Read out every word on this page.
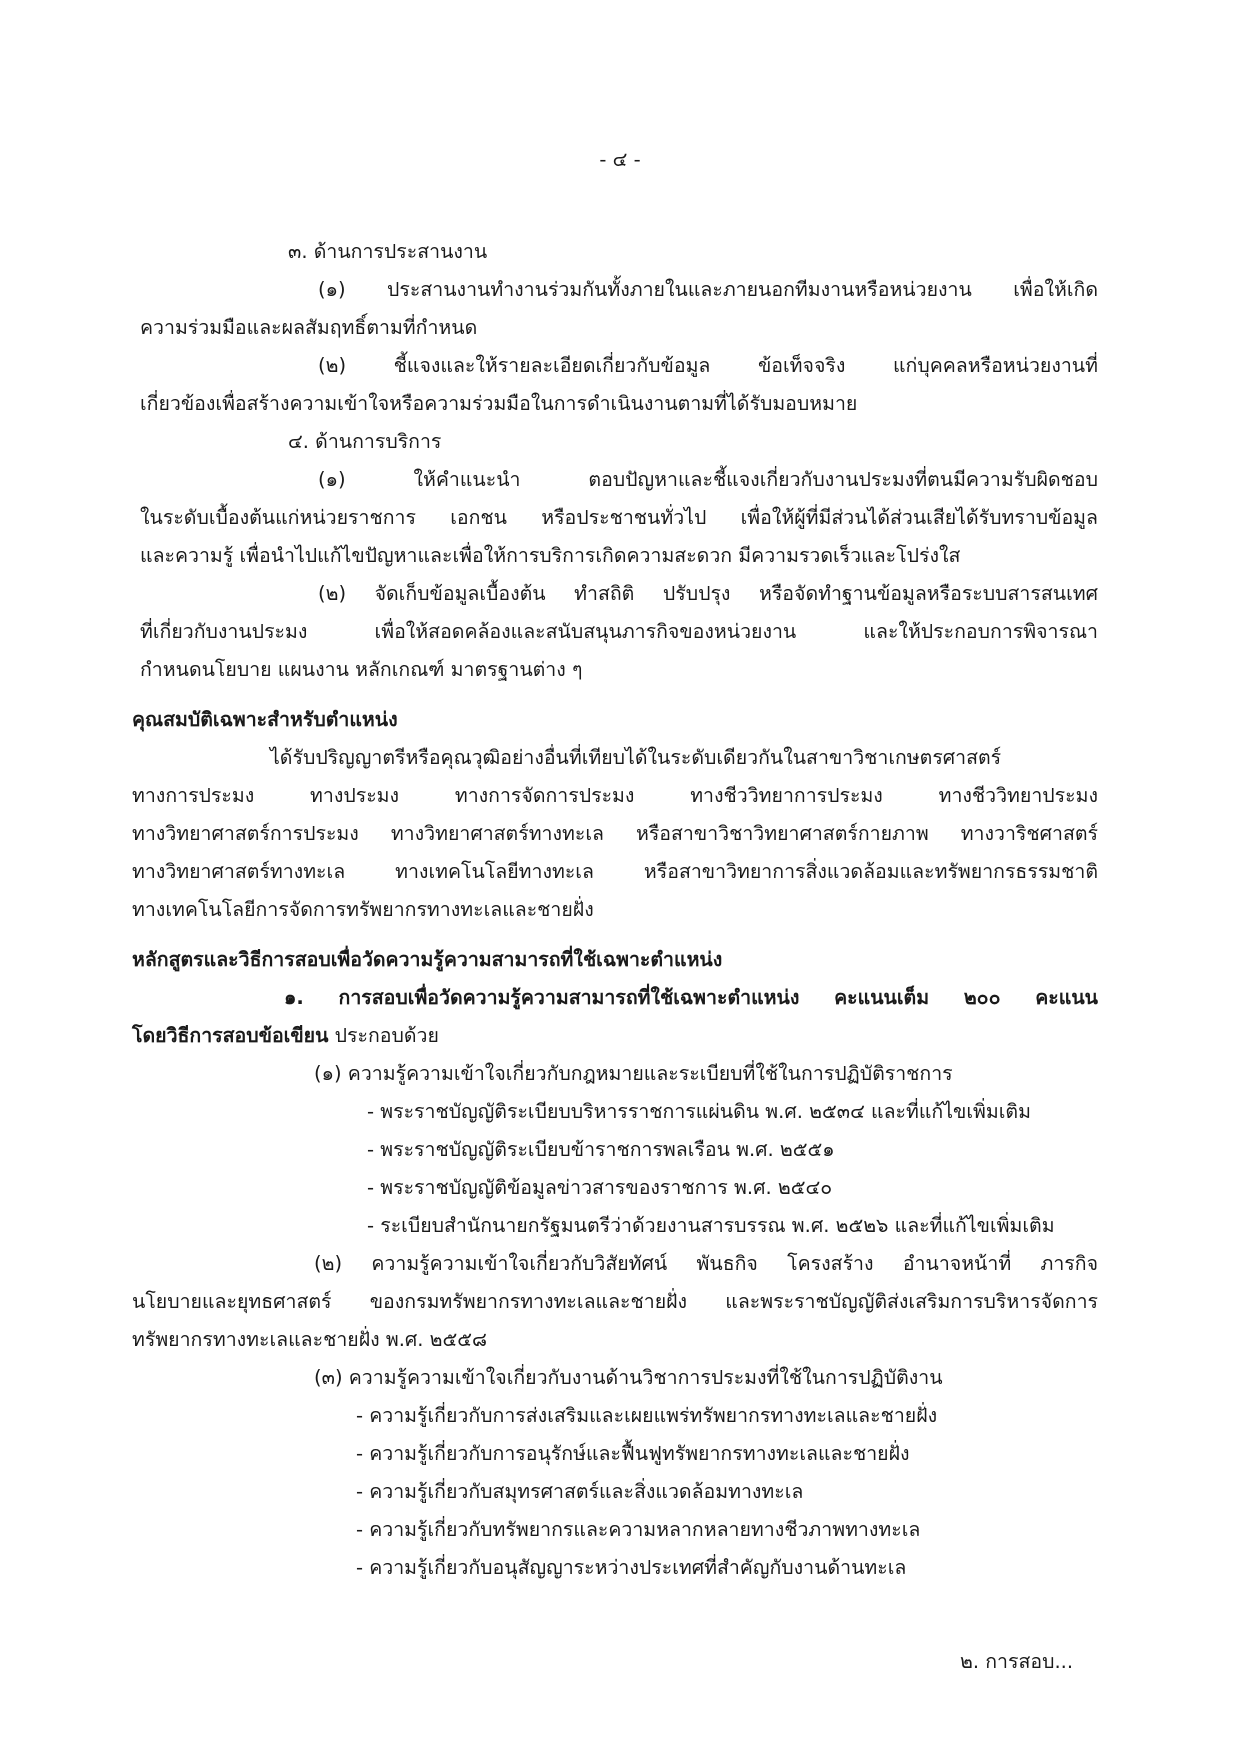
- ๔ -
๓. ด้านการประสานงาน
(๑) ประสานงานทำงานร่วมกันทั้งภายในและภายนอกทีมงานหรือหน่วยงาน เพื่อให้เกิด
ความร่วมมือและผลสัมฤทธิ์ตามที่กำหนด
(๒) ชี้แจงและให้รายละเอียดเกี่ยวกับข้อมูล ข้อเท็จจริง แก่บุคคลหรือหน่วยงานที่
เกี่ยวข้องเพื่อสร้างความเข้าใจหรือความร่วมมือในการดำเนินงานตามที่ได้รับมอบหมาย
๔. ด้านการบริการ
(๑) ให้คำแนะนำ ตอบปัญหาและชี้แจงเกี่ยวกับงานประมงที่ตนมีความรับผิดชอบ
ในระดับเบื้องต้นแก่หน่วยราชการ เอกชน หรือประชาชนทั่วไป เพื่อให้ผู้ที่มีส่วนได้ส่วนเสียได้รับทราบข้อมูล
และความรู้ เพื่อนำไปแก้ไขปัญหาและเพื่อให้การบริการเกิดความสะดวก มีความรวดเร็วและโปร่งใส
(๒) จัดเก็บข้อมูลเบื้องต้น ทำสถิติ ปรับปรุง หรือจัดทำฐานข้อมูลหรือระบบสารสนเทศ
ที่เกี่ยวกับงานประมง เพื่อให้สอดคล้องและสนับสนุนภารกิจของหน่วยงาน และให้ประกอบการพิจารณา
กำหนดนโยบาย แผนงาน หลักเกณฑ์ มาตรฐานต่าง ๆ
คุณสมบัติเฉพาะสำหรับตำแหน่ง
ได้รับปริญญาตรีหรือคุณวุฒิอย่างอื่นที่เทียบได้ในระดับเดียวกันในสาขาวิชาเกษตรศาสตร์
ทางการประมง ทางประมง ทางการจัดการประมง ทางชีววิทยาการประมง ทางชีววิทยาประมง
ทางวิทยาศาสตร์การประมง ทางวิทยาศาสตร์ทางทะเล หรือสาขาวิชาวิทยาศาสตร์กายภาพ ทางวาริชศาสตร์
ทางวิทยาศาสตร์ทางทะเล ทางเทคโนโลยีทางทะเล หรือสาขาวิทยาการสิ่งแวดล้อมและทรัพยากรธรรมชาติ
ทางเทคโนโลยีการจัดการทรัพยากรทางทะเลและชายฝั่ง
หลักสูตรและวิธีการสอบเพื่อวัดความรู้ความสามารถที่ใช้เฉพาะตำแหน่ง
๑. การสอบเพื่อวัดความรู้ความสามารถที่ใช้เฉพาะตำแหน่ง คะแนนเต็ม ๒๐๐ คะแนน
โดยวิธีการสอบข้อเขียน ประกอบด้วย
(๑) ความรู้ความเข้าใจเกี่ยวกับกฎหมายและระเบียบที่ใช้ในการปฏิบัติราชการ
- พระราชบัญญัติระเบียบบริหารราชการแผ่นดิน พ.ศ. ๒๕๓๔ และที่แก้ไขเพิ่มเติม
- พระราชบัญญัติระเบียบข้าราชการพลเรือน พ.ศ. ๒๕๕๑
- พระราชบัญญัติข้อมูลข่าวสารของราชการ พ.ศ. ๒๕๔๐
- ระเบียบสำนักนายกรัฐมนตรีว่าด้วยงานสารบรรณ พ.ศ. ๒๕๒๖ และที่แก้ไขเพิ่มเติม
(๒) ความรู้ความเข้าใจเกี่ยวกับวิสัยทัศน์ พันธกิจ โครงสร้าง อำนาจหน้าที่ ภารกิจ
นโยบายและยุทธศาสตร์ ของกรมทรัพยากรทางทะเลและชายฝั่ง และพระราชบัญญัติส่งเสริมการบริหารจัดการ
ทรัพยากรทางทะเลและชายฝั่ง พ.ศ. ๒๕๕๘
(๓) ความรู้ความเข้าใจเกี่ยวกับงานด้านวิชาการประมงที่ใช้ในการปฏิบัติงาน
- ความรู้เกี่ยวกับการส่งเสริมและเผยแพร่ทรัพยากรทางทะเลและชายฝั่ง
- ความรู้เกี่ยวกับการอนุรักษ์และฟื้นฟูทรัพยากรทางทะเลและชายฝั่ง
- ความรู้เกี่ยวกับสมุทรศาสตร์และสิ่งแวดล้อมทางทะเล
- ความรู้เกี่ยวกับทรัพยากรและความหลากหลายทางชีวภาพทางทะเล
- ความรู้เกี่ยวกับอนุสัญญาระหว่างประเทศที่สำคัญกับงานด้านทะเล
๒. การสอบ...
